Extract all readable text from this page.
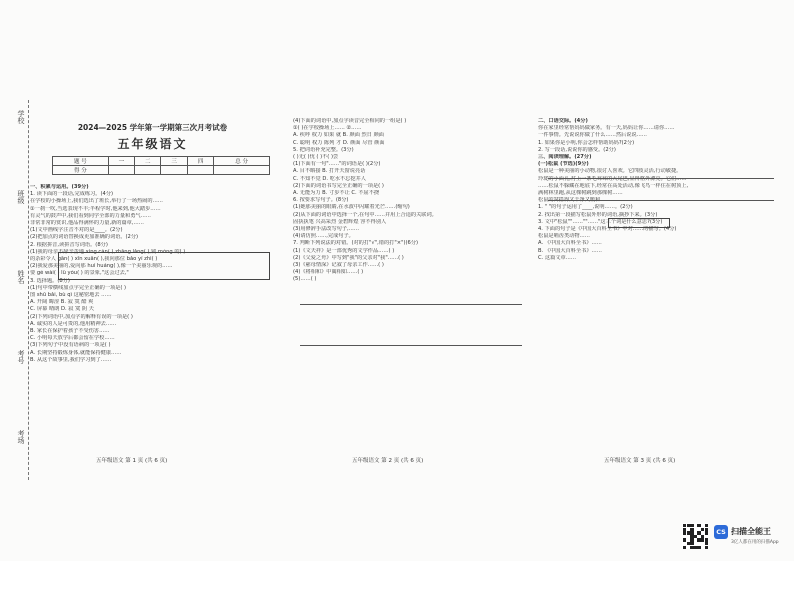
学校
班级
姓名
考号
考场
2024—2025 学年第一学期第三次月考试卷
五年级语文
题 号	一	二	三	四	总 分
得 分					
一、积累与运用。(39分)
1. 读下面的一段话,完成练习。(4分)
在学校的小操场上,我们选出了班长,举行了一场热闹的……
①一刹一吹,当选表现不丰;半程学时,他来到,他大踏步……
有灵气的鼓声中,我们看到同学全部的力量和勇气……
非常非常的赏识,他品得满怀的力量,新的篇章,……
(1)文中画线字注音不对的是____。(2分)
(2)把加点的词语替换成更加准确的词语。(2分)
2. 根据拼音,读拼音写词语。(8分)
(1)我的母亲不辞辛苦地 xíng cán( ),zhāng lǎng( ),钺 móng 的( )
的杂彩令人 gān( ) xīn xuān( ),我向那位 bǎo yí zhì( )
(2)我爱那美丽的,爱向那 huí huáng( ),像一个美丽乐观的……
要 gé wài( ) lǚ yóu( ) 的景象,"这会过去,"
3. 选择题。(8分)
(1)句中带横线加点字完全正确的一项是( )
图 shū bǎi, bù qì 这秘密地去 ……
A. 开阔 晦涩 B. 寂 寞 酷 爽
C. 屏幕 晴朗 D. 寂 寞 阴 天
(2)下列词语中,加点字的解释有误的一项是( )
A. 诚实的人是可贵的,他用精神去……
B. 家长在保护着孩子不受伤害……
C. 小明每天放学后都会留在学校……
(3)下列句子中没有语病的一项是( )
A. 长期坚持锻炼身体,就能保持健康……
B. 从这个故事里,我们学习到了……
(4)下面的词语中,加点字读音完全相同的一组是( )
①( )在学校操场上…… ②……
A. 疾呼 权力 如果 就 B. 颜面 烈日 颜面
C. 聪明 权力 陈列 才 D. 颜面 尽管 颜面
5. 把词语补充完整。(3分)
( )无( )忧 ( )不( )尝
(1)下面有一句"……"的词语是( )(2分)
A. 目不暇接 B. 打开天窗说亮话
C. 不知不觉 D. 吃水不忘挖井人
(2)下面的词语书写完全正确的一项是( )
A. 无能为力 B. 寸步不让 C. 不屈不挠
6. 按要求写句子。(8分)
(1)她那美丽的眼睛,在水波中闪耀着光芒……(缩句)
(2)从下面的词语中选择一个,在句中……并用上合适的关联词。
固执执笔 兴高采烈 金碧辉煌 容不得别人
(3)用修辞手法改写句子,……
(4)请仿照……,完成句子。
7. 判断下列说法的对错。(对的打"√",错的打"×")(6分)
(1)《文天祥》是一部优秀的文学作品……( )
(2)《父爱之舟》中写到"我"的父亲对"我"……( )
(3)《慈母情深》记叙了母亲工作……( )
(4)《将相和》中蔺相如……( )
(5)……( )
二、口语交际。(4分)
你在家里经常帮妈妈做家务。有一天,妈妈让你……请你……
一件事情。先说说你做了什么……然后说说……
1. 如果你是小明,你会怎样帮助妈妈?(2分)
2. 写一段话,说说你的感受。(2分)
三、阅读理解。(27分)
(一)松鼠 (节选)(9分)
松鼠是一种美丽的小动物,很讨人喜欢。它四肢灵活,行动敏捷。
玲珑的小面孔,衬上一条毛茸茸的大尾巴,显得格外漂亮。它们……
……松鼠不躲藏在地底下,经常在高处活动,像飞鸟一样住在树顶上,
满树林里跑,从这棵树跳到那棵树……
松鼠的窝搭得又干净又暖和……
1. " "的句子运用了____,说明……。(2分)
2. 找出第一段描写松鼠外形的词语,摘抄下来。(3分)
3. 文中"松鼠""……""……"这三个词是什么意思?(3分)
4. 下面的句子是《中国大百科全书》中对……的描写。(4分)
松鼠是啮齿类动物……
A. 《中国大百科全书》……
B. 《中国大百科全书》……
C. 这篇文章……
五年级语文 第 1 页 (共 6 页)	五年级语文 第 2 页 (共 6 页)	五年级语文 第 3 页 (共 6 页)
CS 扫描全能王
3亿人都在用的扫描App
